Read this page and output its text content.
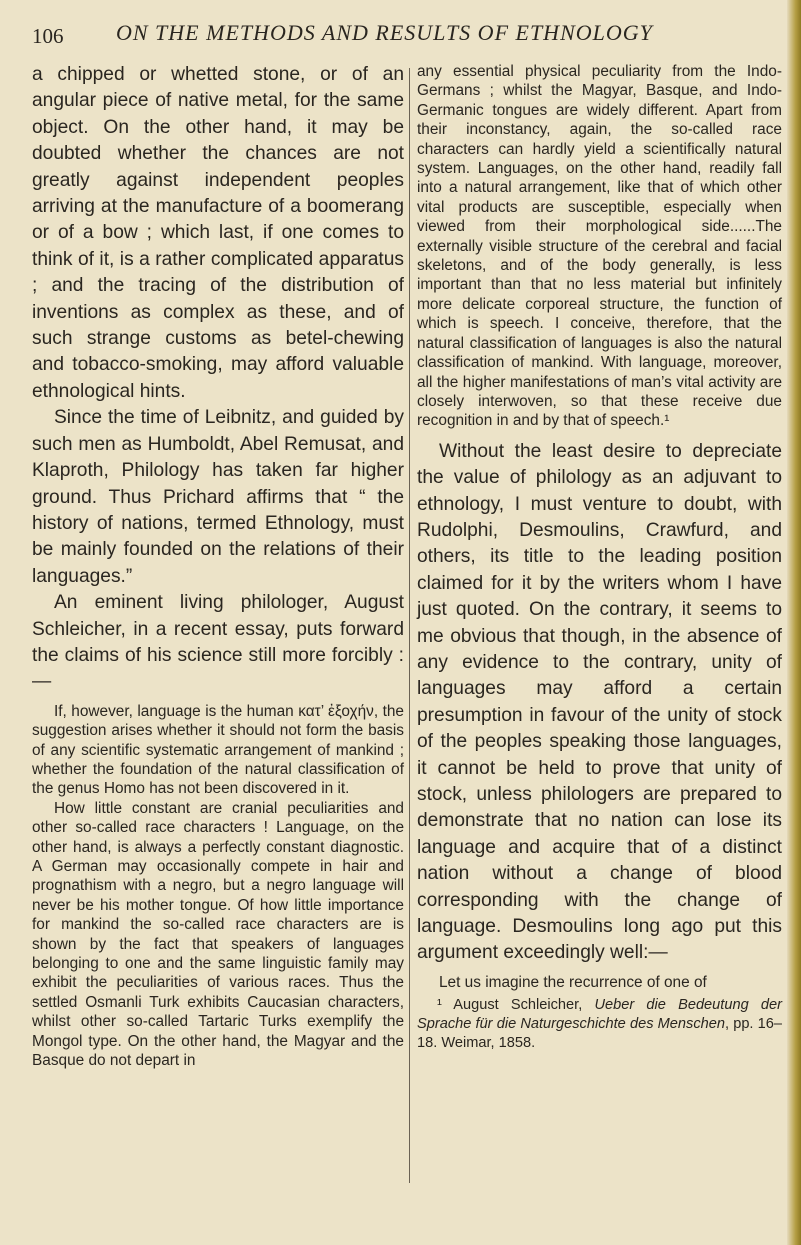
106 ON THE METHODS AND RESULTS OF ETHNOLOGY

a chipped or whetted stone, or of an angular piece of native metal, for the same object. On the other hand, it may be doubted whether the chances are not greatly against independent peoples arriving at the manufacture of a boomerang or of a bow ; which last, if one comes to think of it, is a rather complicated apparatus ; and the tracing of the distribution of inventions as complex as these, and of such strange customs as betel-chewing and tobacco-smoking, may afford valuable ethnological hints.

Since the time of Leibnitz, and guided by such men as Humboldt, Abel Remusat, and Klaproth, Philology has taken far higher ground. Thus Prichard affirms that “ the history of nations, termed Ethnology, must be mainly founded on the relations of their languages.”

An eminent living philologer, August Schleicher, in a recent essay, puts forward the claims of his science still more forcibly :—

If, however, language is the human κατ’ ἐξοχήν, the suggestion arises whether it should not form the basis of any scientific systematic arrangement of mankind ; whether the foundation of the natural classification of the genus Homo has not been discovered in it.

How little constant are cranial peculiarities and other so-called race characters ! Language, on the other hand, is always a perfectly constant diagnostic. A German may occasionally compete in hair and prognathism with a negro, but a negro language will never be his mother tongue. Of how little importance for mankind the so-called race characters are is shown by the fact that speakers of languages belonging to one and the same linguistic family may exhibit the peculiarities of various races. Thus the settled Osmanli Turk exhibits Caucasian characters, whilst other so-called Tartaric Turks exemplify the Mongol type. On the other hand, the Magyar and the Basque do not depart in

any essential physical peculiarity from the Indo-Germans ; whilst the Magyar, Basque, and Indo-Germanic tongues are widely different. Apart from their inconstancy, again, the so-called race characters can hardly yield a scientifically natural system. Languages, on the other hand, readily fall into a natural arrangement, like that of which other vital products are susceptible, especially when viewed from their morphological side......The externally visible structure of the cerebral and facial skeletons, and of the body generally, is less important than that no less material but infinitely more delicate corporeal structure, the function of which is speech. I conceive, therefore, that the natural classification of languages is also the natural classification of mankind. With language, moreover, all the higher manifestations of man’s vital activity are closely interwoven, so that these receive due recognition in and by that of speech.¹

Without the least desire to depreciate the value of philology as an adjuvant to ethnology, I must venture to doubt, with Rudolphi, Desmoulins, Crawfurd, and others, its title to the leading position claimed for it by the writers whom I have just quoted. On the contrary, it seems to me obvious that though, in the absence of any evidence to the contrary, unity of languages may afford a certain presumption in favour of the unity of stock of the peoples speaking those languages, it cannot be held to prove that unity of stock, unless philologers are prepared to demonstrate that no nation can lose its language and acquire that of a distinct nation without a change of blood corresponding with the change of language. Desmoulins long ago put this argument exceedingly well:—

Let us imagine the recurrence of one of

¹ August Schleicher, Ueber die Bedeutung der Sprache für die Naturgeschichte des Menschen, pp. 16–18. Weimar, 1858.
